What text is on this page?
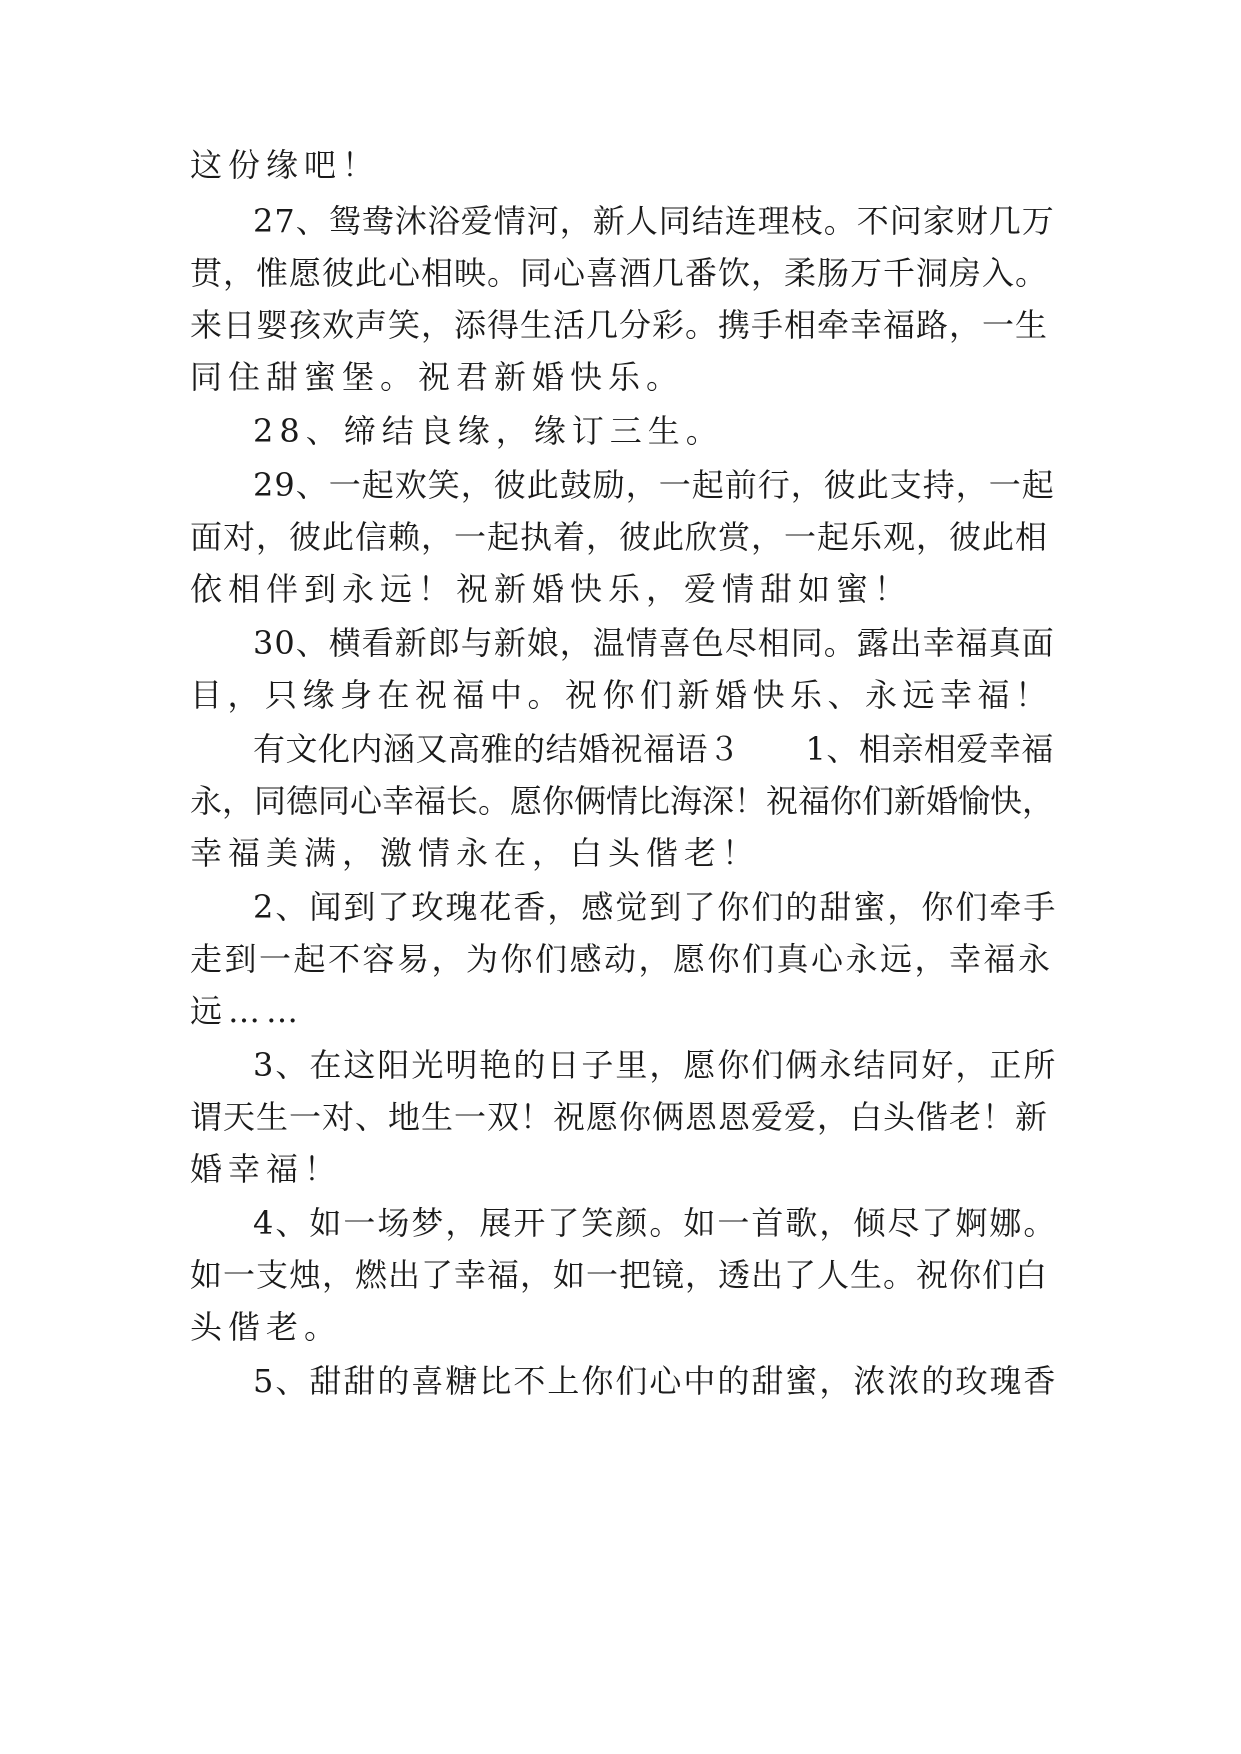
这份缘吧！
27、鸳鸯沐浴爱情河，新人同结连理枝。不问家财几万
贯，惟愿彼此心相映。同心喜酒几番饮，柔肠万千洞房入。
来日婴孩欢声笑，添得生活几分彩。携手相牵幸福路，一生
同住甜蜜堡。祝君新婚快乐。
28、缔结良缘，缘订三生。
29、一起欢笑，彼此鼓励，一起前行，彼此支持，一起
面对，彼此信赖，一起执着，彼此欣赏，一起乐观，彼此相
依相伴到永远！祝新婚快乐，爱情甜如蜜！
30、横看新郎与新娘，温情喜色尽相同。露出幸福真面
目，只缘身在祝福中。祝你们新婚快乐、永远幸福！
有文化内涵又高雅的结婚祝福语３　　1、相亲相爱幸福
永，同德同心幸福长。愿你俩情比海深！祝福你们新婚愉快，
幸福美满，激情永在，白头偕老！
2、闻到了玫瑰花香，感觉到了你们的甜蜜，你们牵手
走到一起不容易，为你们感动，愿你们真心永远，幸福永
远……
3、在这阳光明艳的日子里，愿你们俩永结同好，正所
谓天生一对、地生一双！祝愿你俩恩恩爱爱，白头偕老！新
婚幸福！
4、如一场梦，展开了笑颜。如一首歌，倾尽了婀娜。
如一支烛，燃出了幸福，如一把镜，透出了人生。祝你们白
头偕老。
5、甜甜的喜糖比不上你们心中的甜蜜，浓浓的玫瑰香
